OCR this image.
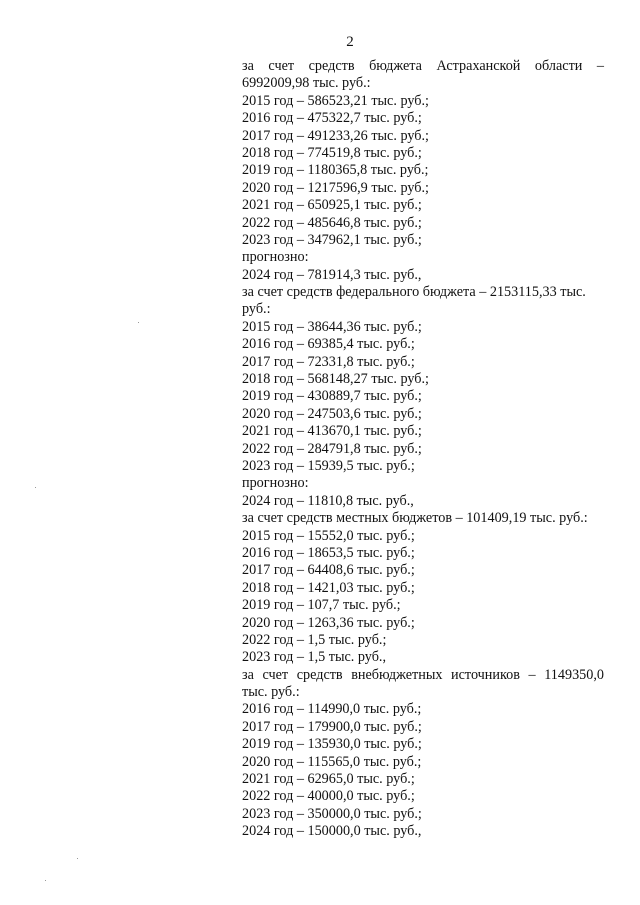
2
за счет средств бюджета Астраханской области –
6992009,98 тыс. руб.:
2015 год – 586523,21 тыс. руб.;
2016 год – 475322,7 тыс. руб.;
2017 год – 491233,26 тыс. руб.;
2018 год – 774519,8 тыс. руб.;
2019 год – 1180365,8 тыс. руб.;
2020 год – 1217596,9 тыс. руб.;
2021 год – 650925,1 тыс. руб.;
2022 год – 485646,8 тыс. руб.;
2023 год – 347962,1 тыс. руб.;
прогнозно:
2024 год – 781914,3 тыс. руб.,
за счет средств федерального бюджета – 2153115,33 тыс.
руб.:
2015 год – 38644,36 тыс. руб.;
2016 год – 69385,4 тыс. руб.;
2017 год – 72331,8 тыс. руб.;
2018 год – 568148,27 тыс. руб.;
2019 год – 430889,7 тыс. руб.;
2020 год – 247503,6 тыс. руб.;
2021 год – 413670,1 тыс. руб.;
2022 год – 284791,8 тыс. руб.;
2023 год – 15939,5 тыс. руб.;
прогнозно:
2024 год – 11810,8 тыс. руб.,
за счет средств местных бюджетов – 101409,19 тыс. руб.:
2015 год – 15552,0 тыс. руб.;
2016 год – 18653,5 тыс. руб.;
2017 год – 64408,6 тыс. руб.;
2018 год – 1421,03 тыс. руб.;
2019 год – 107,7 тыс. руб.;
2020 год – 1263,36 тыс. руб.;
2022 год – 1,5 тыс. руб.;
2023 год – 1,5 тыс. руб.,
за счет средств внебюджетных источников – 1149350,0
тыс. руб.:
2016 год – 114990,0 тыс. руб.;
2017 год – 179900,0 тыс. руб.;
2019 год – 135930,0 тыс. руб.;
2020 год – 115565,0 тыс. руб.;
2021 год – 62965,0 тыс. руб.;
2022 год – 40000,0 тыс. руб.;
2023 год – 350000,0 тыс. руб.;
2024 год – 150000,0 тыс. руб.,
